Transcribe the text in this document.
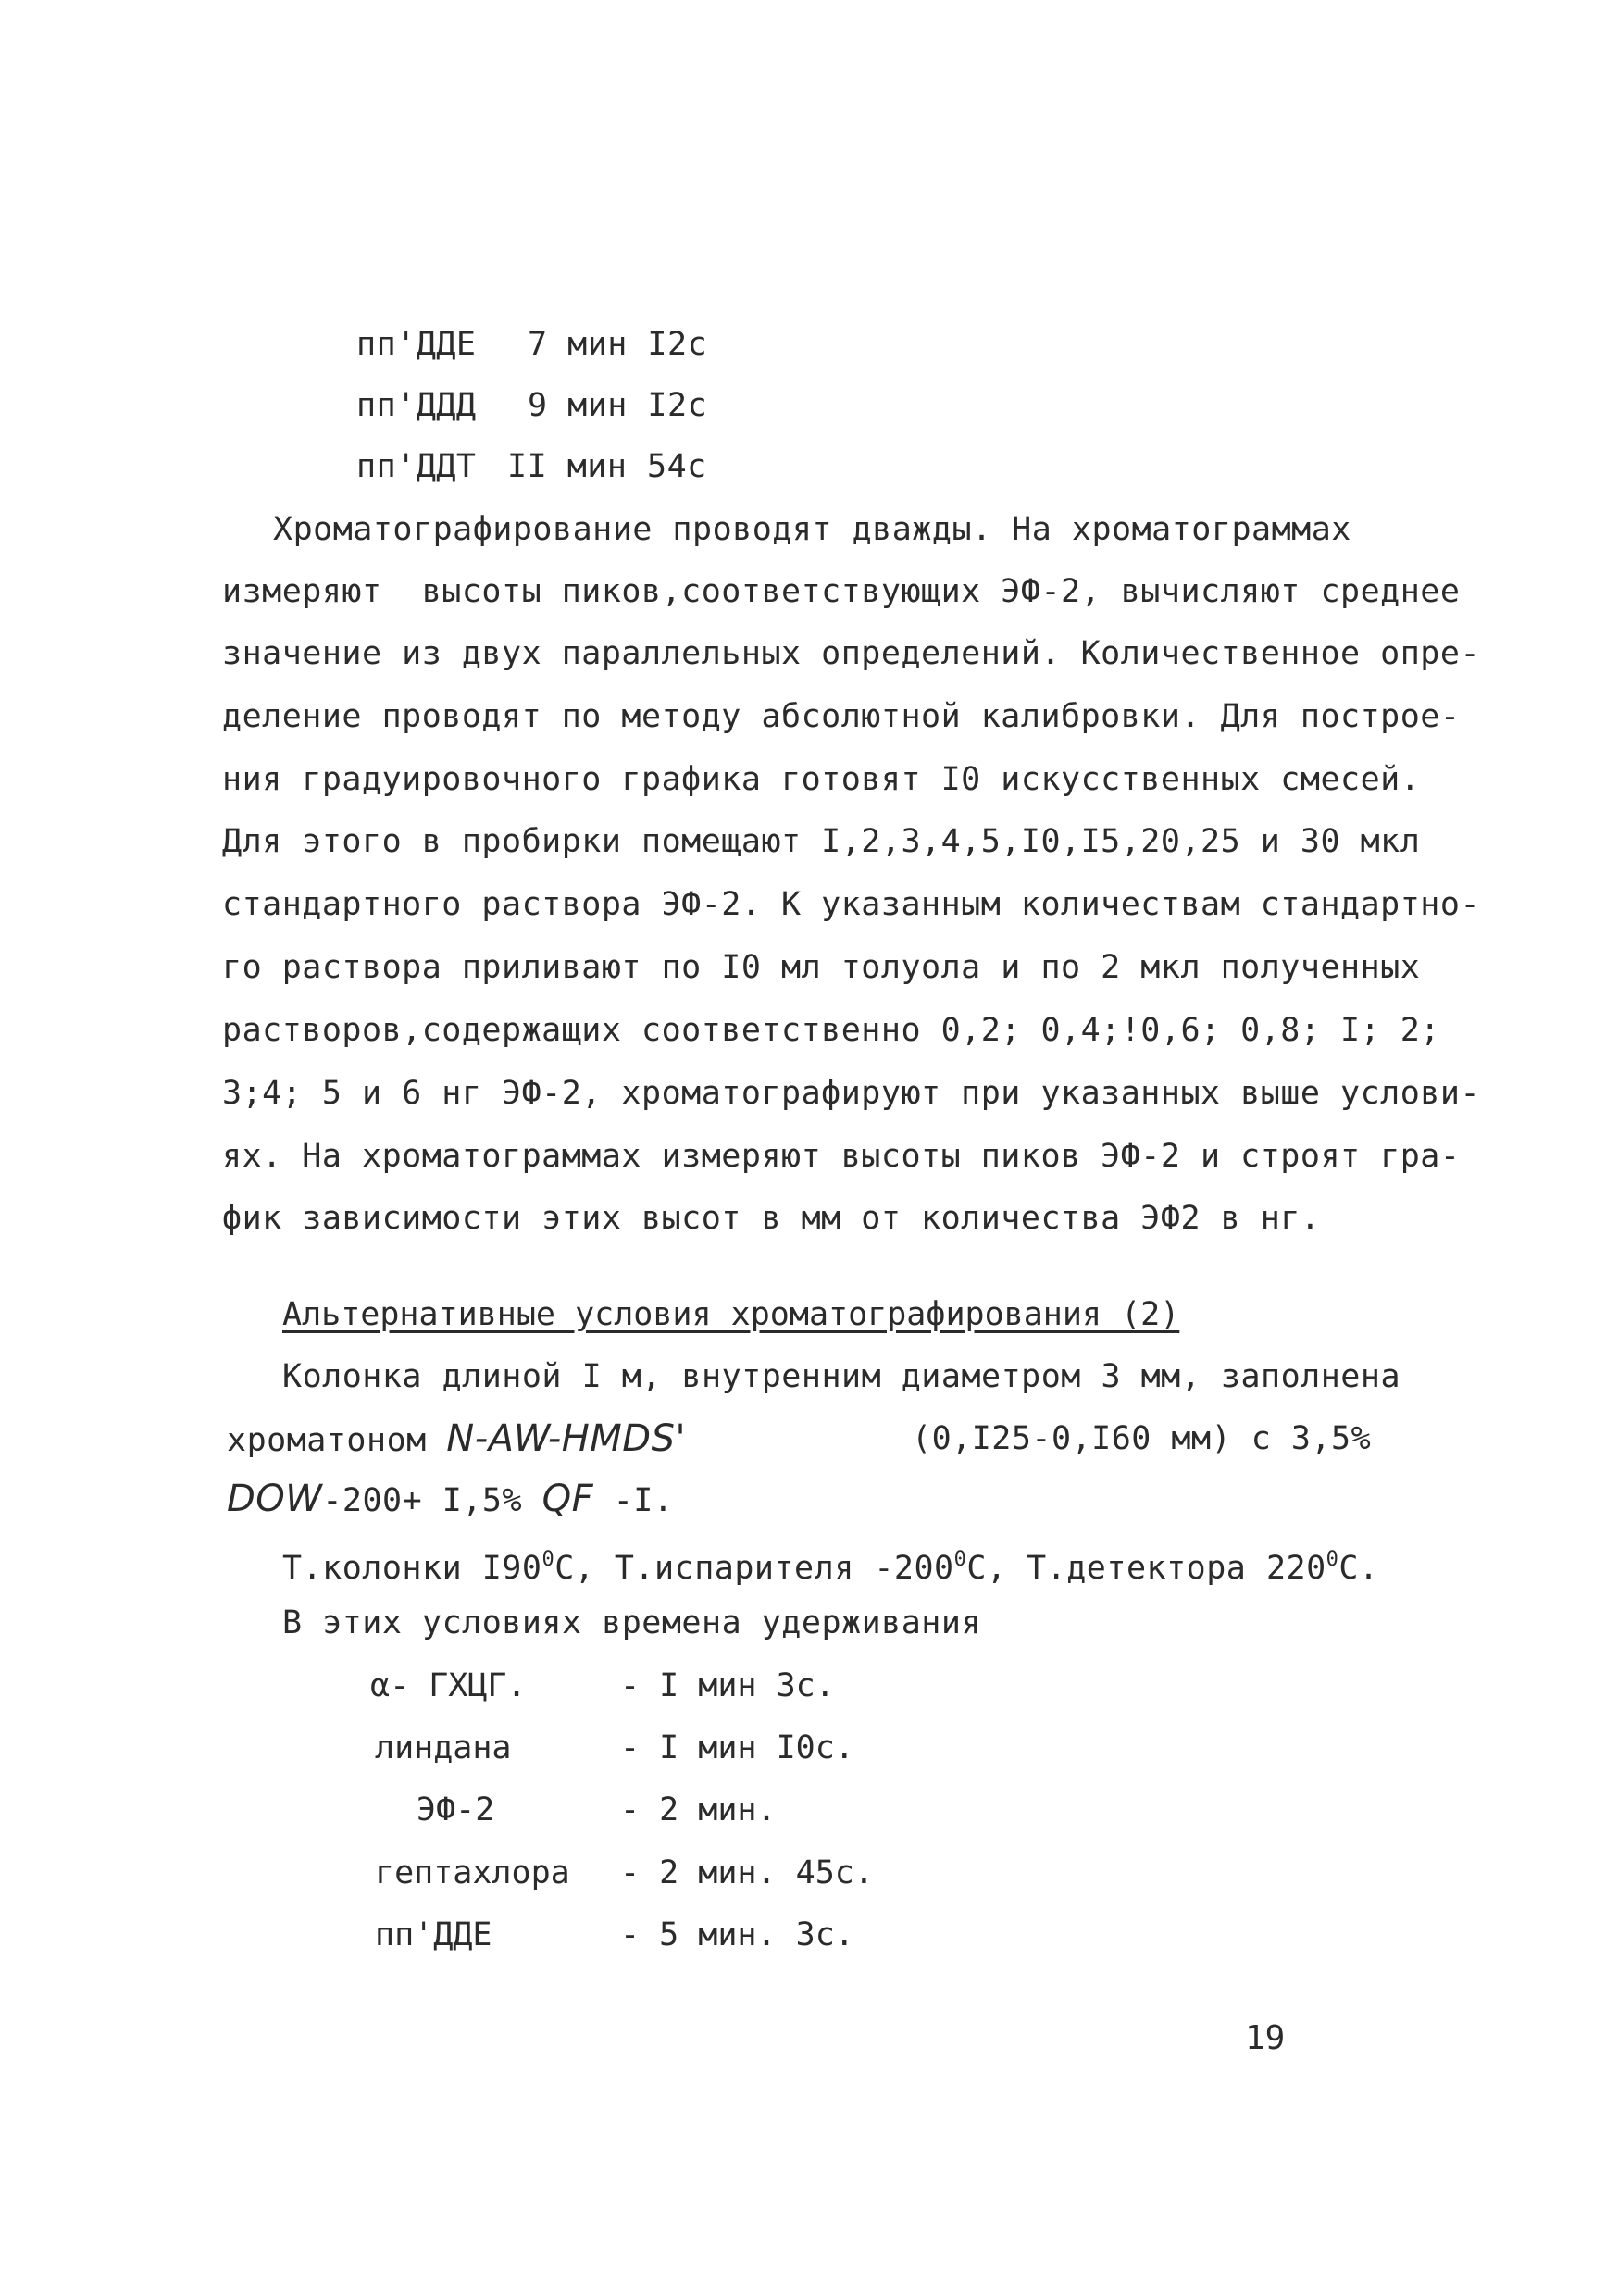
пп'ДДЕ 7 мин I2с
пп'ДДД 9 мин I2с
пп'ДДТ II мин 54с
Хроматографирование проводят дважды. На хроматограммах
измеряют  высоты пиков,соответствующих ЭФ-2, вычисляют среднее
значение из двух параллельных определений. Количественное опре-
деление проводят по методу абсолютной калибровки. Для построе-
ния градуировочного графика готовят I0 искусственных смесей.
Для этого в пробирки помещают I,2,3,4,5,I0,I5,20,25 и 30 мкл
стандартного раствора ЭФ-2. К указанным количествам стандартно-
го раствора приливают по I0 мл толуола и по 2 мкл полученных
растворов,содержащих соответственно 0,2; 0,4;!0,6; 0,8; I; 2;
3;4; 5 и 6 нг ЭФ-2, хроматографируют при указанных выше услови-
ях. На хроматограммах измеряют высоты пиков ЭФ-2 и строят гра-
фик зависимости этих высот в мм от количества ЭФ2 в нг.
Альтернативные условия хроматографирования (2)
Колонка длиной I м, внутренним диаметром 3 мм, заполнена
хроматоном N-AW-HMDS'	(0,I25-0,I60 мм) с 3,5%
DOW-200+ I,5% QF -I.
Т.колонки $I90^0С$, Т.испарителя $-200^0С$, Т.детектора $220^0С$.
В этих условиях времена удерживания
α- ГХЦГ.	- I мин 3с.
линдана	- I мин I0с.
ЭФ-2	- 2 мин.
гептахлора - 2 мин. 45с.
пп'ДДЕ	- 5 мин. 3с.
19
